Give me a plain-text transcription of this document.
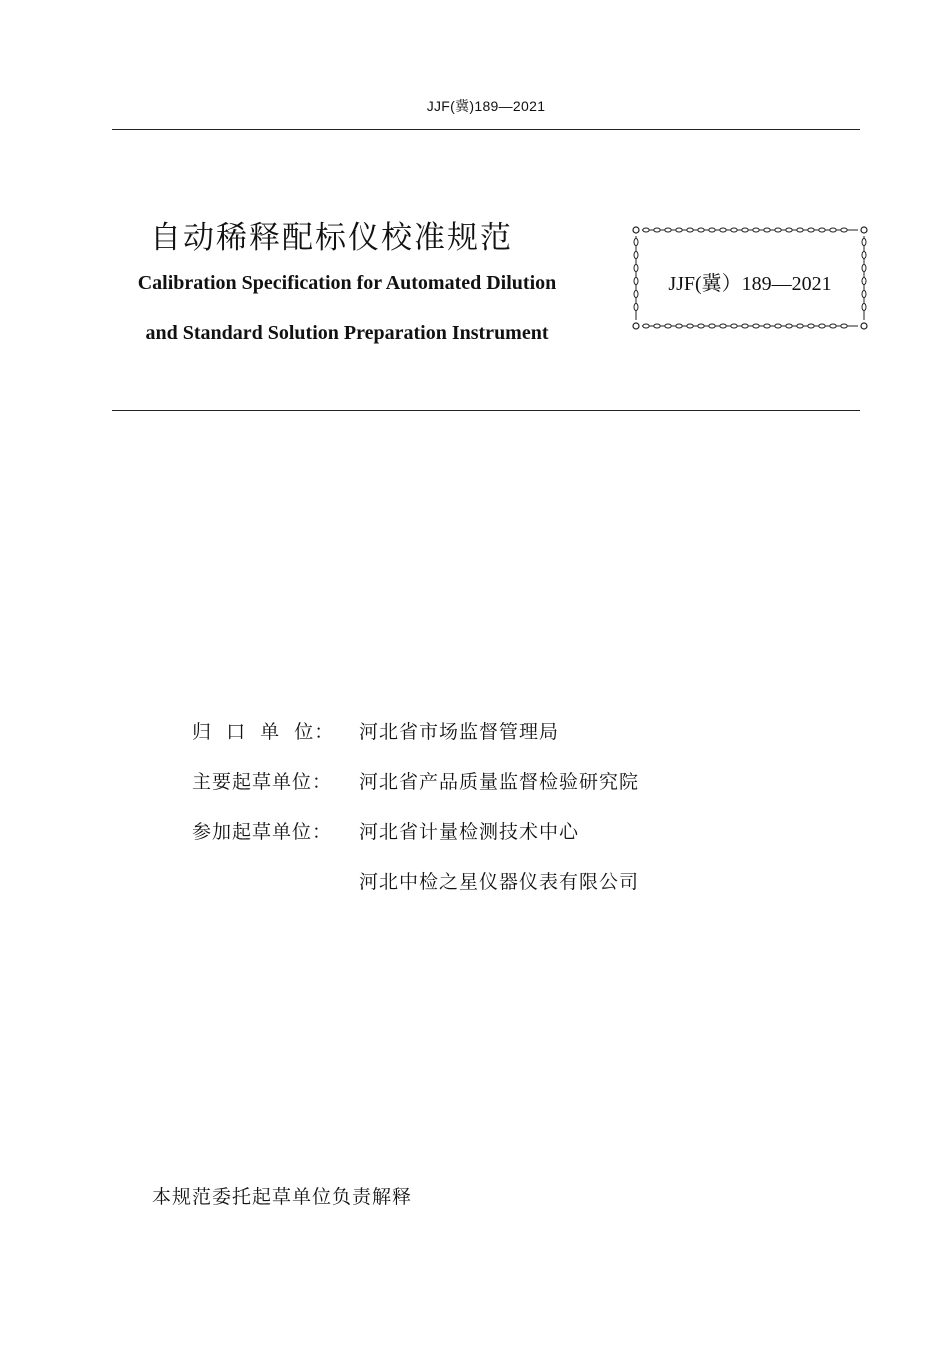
JJF(冀)189—2021
自动稀释配标仪校准规范
Calibration Specification for Automated Dilution
and Standard Solution Preparation Instrument
JJF(冀）189—2021
归  口  单  位： 河北省市场监督管理局
主要起草单位： 河北省产品质量监督检验研究院
参加起草单位： 河北省计量检测技术中心
河北中检之星仪器仪表有限公司
本规范委托起草单位负责解释
